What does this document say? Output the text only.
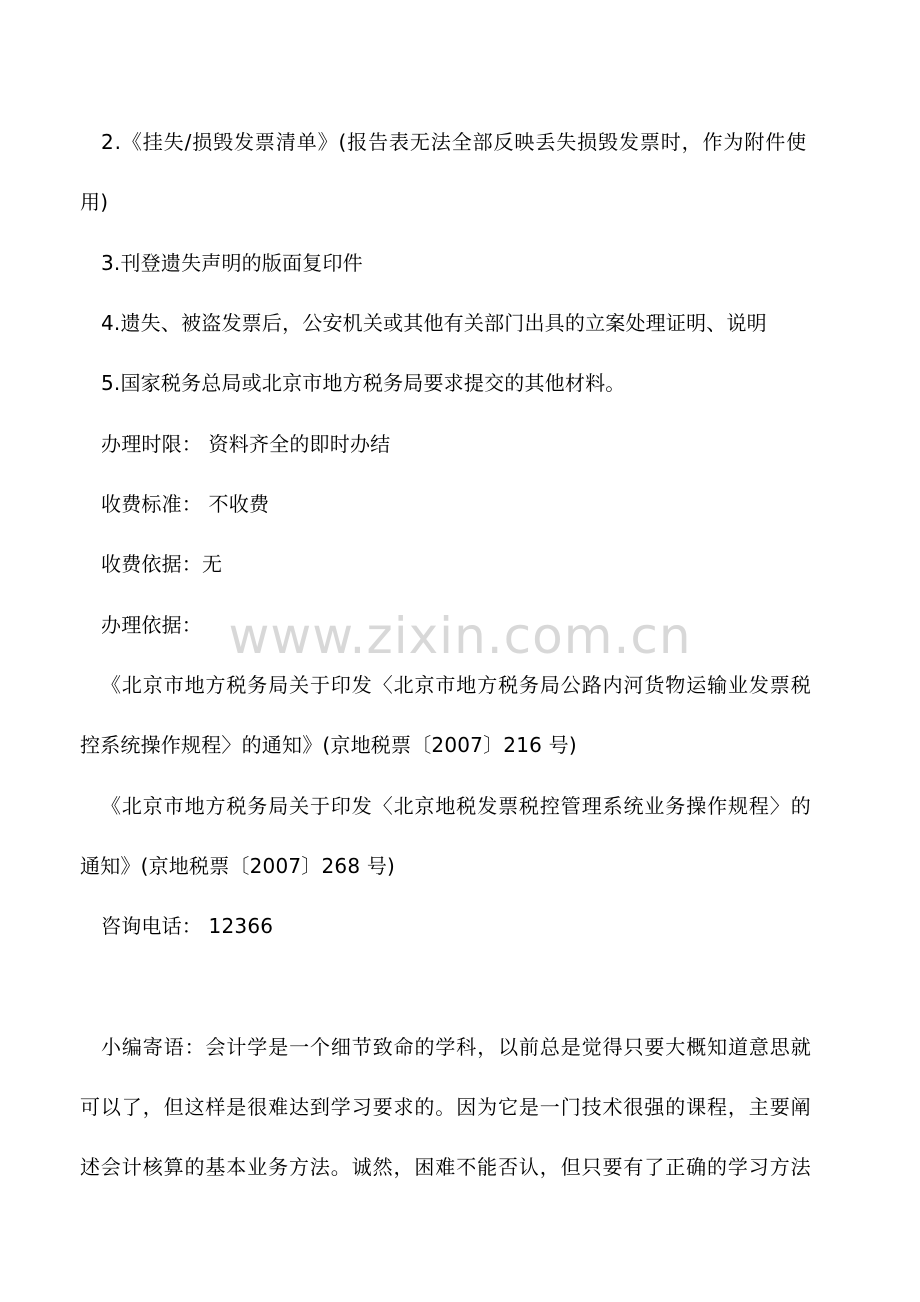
2.《挂失/损毁发票清单》(报告表无法全部反映丢失损毁发票时，作为附件使
用)
3.刊登遗失声明的版面复印件
4.遗失、被盗发票后，公安机关或其他有关部门出具的立案处理证明、说明
5.国家税务总局或北京市地方税务局要求提交的其他材料。
办理时限： 资料齐全的即时办结
收费标准： 不收费
收费依据：无
办理依据：
《北京市地方税务局关于印发〈北京市地方税务局公路内河货物运输业发票税
控系统操作规程〉的通知》(京地税票〔2007〕216 号)
《北京市地方税务局关于印发〈北京地税发票税控管理系统业务操作规程〉的
通知》(京地税票〔2007〕268 号)
咨询电话： 12366
小编寄语：会计学是一个细节致命的学科，以前总是觉得只要大概知道意思就
可以了，但这样是很难达到学习要求的。因为它是一门技术很强的课程，主要阐
述会计核算的基本业务方法。诚然，困难不能否认，但只要有了正确的学习方法
www.zixin.com.cn
